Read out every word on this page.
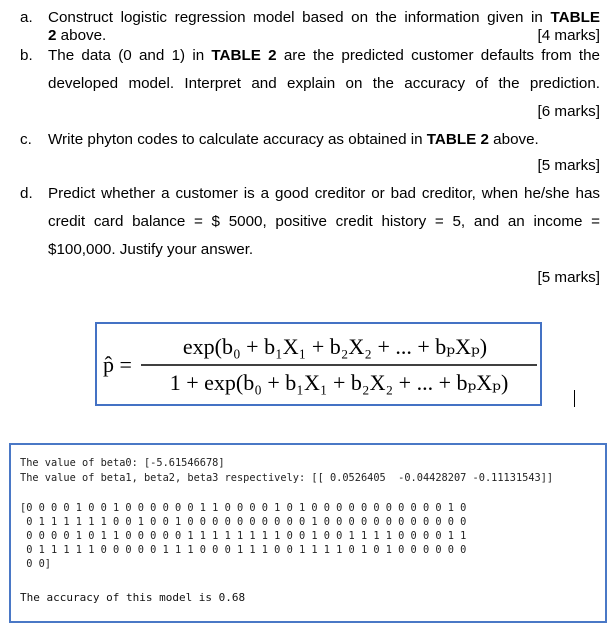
a. Construct logistic regression model based on the information given in TABLE
2 above.	[4 marks]
b. The data (0 and 1) in TABLE 2 are the predicted customer defaults from the
developed model. Interpret and explain on the accuracy of the prediction.
[6 marks]
c. Write phyton codes to calculate accuracy as obtained in TABLE 2 above.
[5 marks]
d. Predict whether a customer is a good creditor or bad creditor, when he/she has
credit card balance = $ 5000, positive credit history = 5, and an income =
$100,000. Justify your answer.
[5 marks]
p̂ =
exp(b₀ + b₁X₁ + b₂X₂ + ... + bₚXₚ)
1 + exp(b₀ + b₁X₁ + b₂X₂ + ... + bₚXₚ)
The value of beta0: [-5.61546678]
The value of beta1, beta2, beta3 respectively: [[ 0.0526405  -0.04428207 -0.11131543]]
[0 0 0 0 1 0 0 1 0 0 0 0 0 0 1 1 0 0 0 0 1 0 1 0 0 0 0 0 0 0 0 0 0 0 1 0
0 1 1 1 1 1 1 0 0 1 0 0 1 0 0 0 0 0 0 0 0 0 0 1 0 0 0 0 0 0 0 0 0 0 0 0
0 0 0 0 1 0 1 1 0 0 0 0 0 1 1 1 1 1 1 1 1 0 0 1 0 0 1 1 1 1 0 0 0 0 1 1
0 1 1 1 1 1 0 0 0 0 0 1 1 1 0 0 0 1 1 1 0 0 1 1 1 1 0 1 0 1 0 0 0 0 0 0
0 0]
The accuracy of this model is 0.68
